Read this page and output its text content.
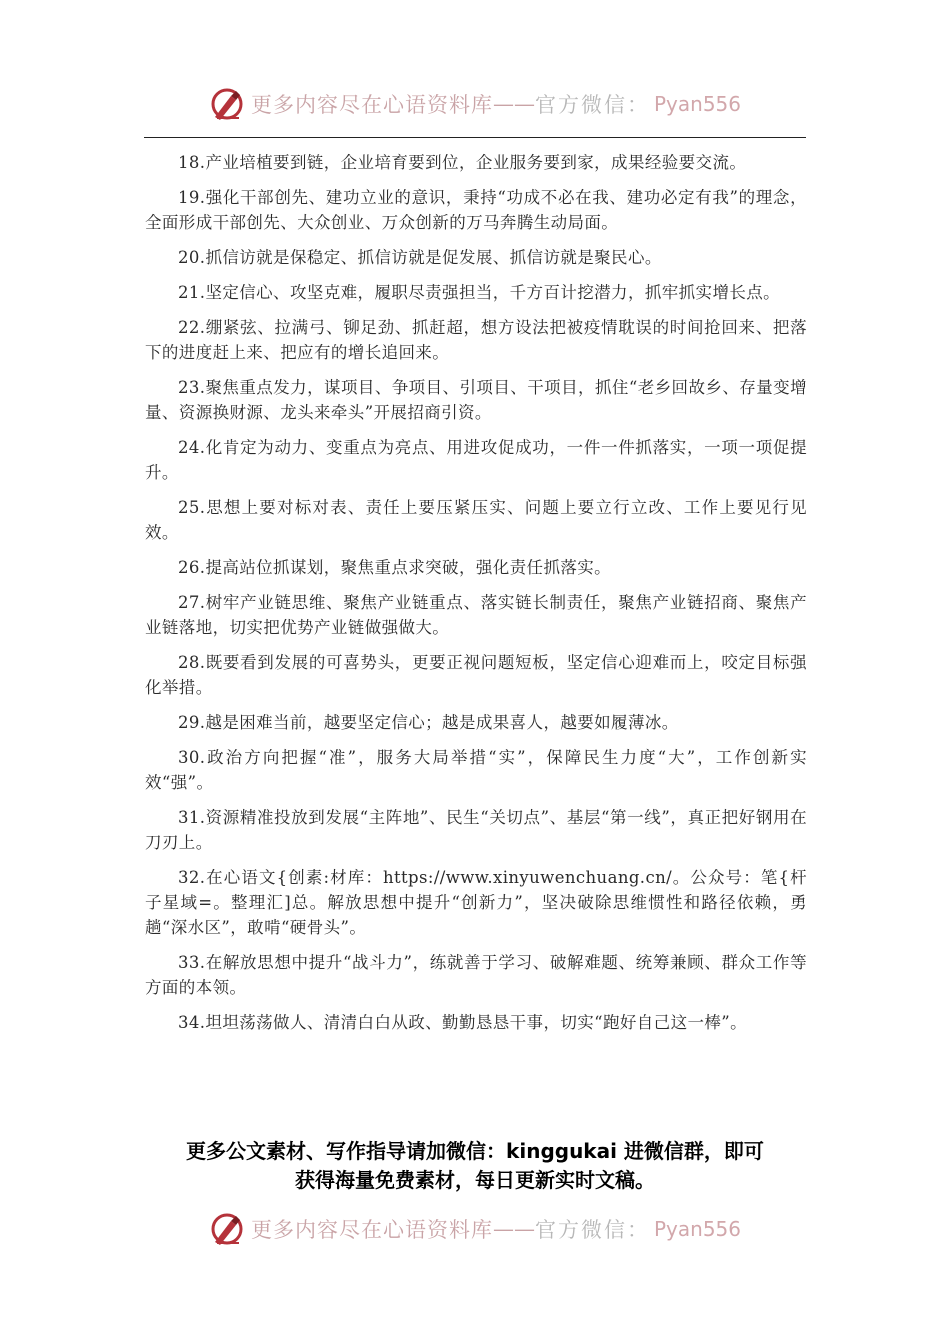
更多内容尽在心语资料库 —— 官方微信： Pyan556

18.产业培植要到链，企业培育要到位，企业服务要到家，成果经验要交流。

19.强化干部创先、建功立业的意识，秉持“功成不必在我、建功必定有我”的理念，全面形成干部创先、大众创业、万众创新的万马奔腾生动局面。

20.抓信访就是保稳定、抓信访就是促发展、抓信访就是聚民心。

21.坚定信心、攻坚克难，履职尽责强担当，千方百计挖潜力，抓牢抓实增长点。

22.绷紧弦、拉满弓、铆足劲、抓赶超，想方设法把被疫情耽误的时间抢回来、把落下的进度赶上来、把应有的增长追回来。

23.聚焦重点发力，谋项目、争项目、引项目、干项目，抓住“老乡回故乡、存量变增量、资源换财源、龙头来牵头”开展招商引资。

24.化肯定为动力、变重点为亮点、用进攻促成功，一件一件抓落实，一项一项促提升。

25.思想上要对标对表、责任上要压紧压实、问题上要立行立改、工作上要见行见效。

26.提高站位抓谋划，聚焦重点求突破，强化责任抓落实。

27.树牢产业链思维、聚焦产业链重点、落实链长制责任，聚焦产业链招商、聚焦产业链落地，切实把优势产业链做强做大。

28.既要看到发展的可喜势头，更要正视问题短板，坚定信心迎难而上，咬定目标强化举措。

29.越是困难当前，越要坚定信心；越是成果喜人，越要如履薄冰。

30.政治方向把握“准”，服务大局举措“实”，保障民生力度“大”，工作创新实效“强”。

31.资源精准投放到发展“主阵地”、民生“关切点”、基层“第一线”，真正把好钢用在刀刃上。

32.在心语文{创素:材库：https://www.xinyuwenchuang.cn/。公众号：笔{杆子星域=。整理汇]总。解放思想中提升“创新力”，坚决破除思维惯性和路径依赖，勇趟“深水区”，敢啃“硬骨头”。

33.在解放思想中提升“战斗力”，练就善于学习、破解难题、统筹兼顾、群众工作等方面的本领。

34.坦坦荡荡做人、清清白白从政、勤勤恳恳干事，切实“跑好自己这一棒”。

更多公文素材、写作指导请加微信：kinggukai 进微信群，即可
获得海量免费素材，每日更新实时文稿。
更多内容尽在心语资料库 —— 官方微信： Pyan556
